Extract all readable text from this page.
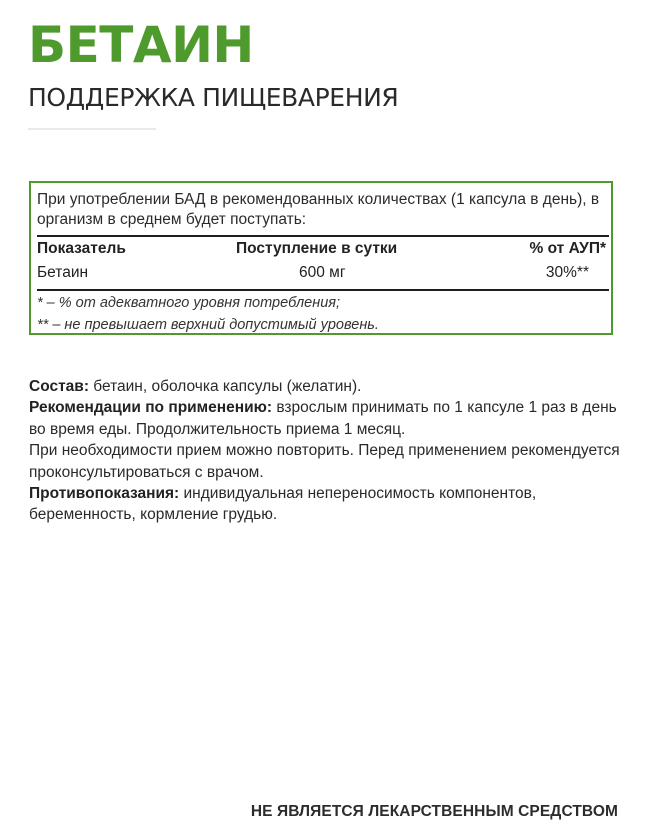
БЕТАИН
ПОДДЕРЖКА ПИЩЕВАРЕНИЯ
При употреблении БАД в рекомендованных количествах (1 капсула в день), в организм в среднем будет поступать:
Показатель	Поступление в сутки	% от АУП*
Бетаин	600 мг	30%**
* – % от адекватного уровня потребления;
** – не превышает верхний допустимый уровень.

Состав: бетаин, оболочка капсулы (желатин).

Рекомендации по применению: взрослым принимать по 1 капсуле 1 раз в день во время еды. Продолжительность приема 1 месяц.

При необходимости прием можно повторить. Перед применением рекомендуется проконсультироваться с врачом.

Противопоказания: индивидуальная непереносимость компонентов, беременность, кормление грудью.

НЕ ЯВЛЯЕТСЯ ЛЕКАРСТВЕННЫМ СРЕДСТВОМ
